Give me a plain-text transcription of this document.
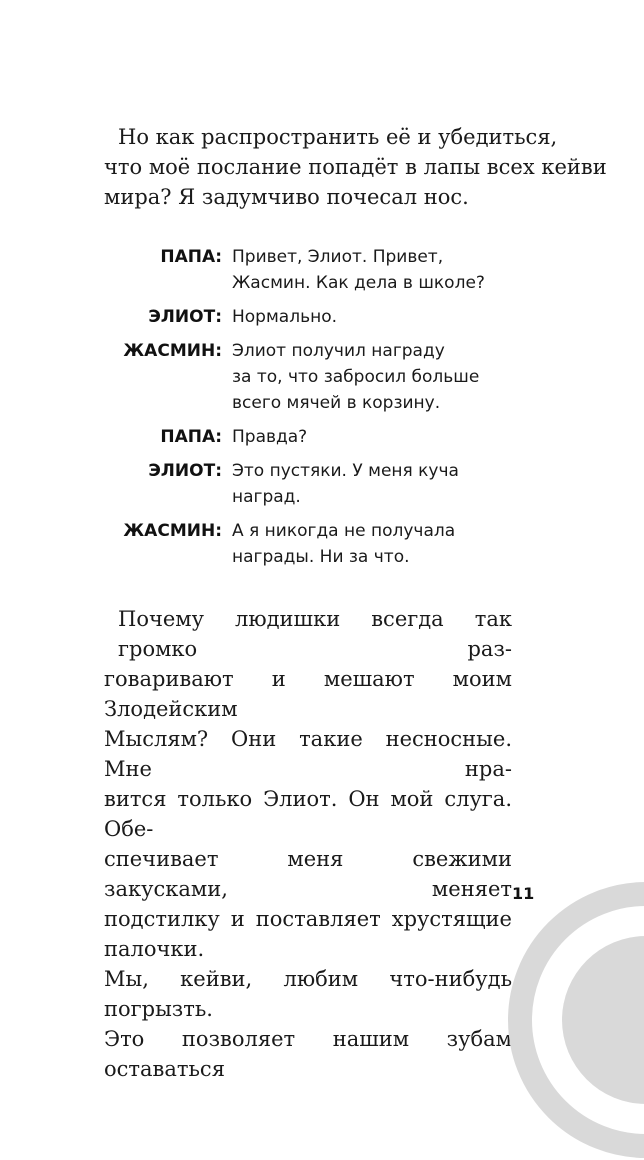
Но как распространить её и убедиться,
что моё послание попадёт в лапы всех кейви
мира? Я задумчиво почесал нос.

ПАПА: Привет, Элиот. Привет,
Жасмин. Как дела в школе?
ЭЛИОТ: Нормально.
ЖАСМИН: Элиот получил награду
за то, что забросил больше
всего мячей в корзину.
ПАПА: Правда?
ЭЛИОТ: Это пустяки. У меня куча
наград.
ЖАСМИН: А я никогда не получала
награды. Ни за что.

Почему людишки всегда так громко раз-
говаривают и мешают моим Злодейским
Мыслям? Они такие несносные. Мне нра-
вится только Элиот. Он мой слуга. Обе-
спечивает меня свежими закусками, меняет
подстилку и поставляет хрустящие палочки.
Мы, кейви, любим что-нибудь погрызть.
Это позволяет нашим зубам оставаться

11
